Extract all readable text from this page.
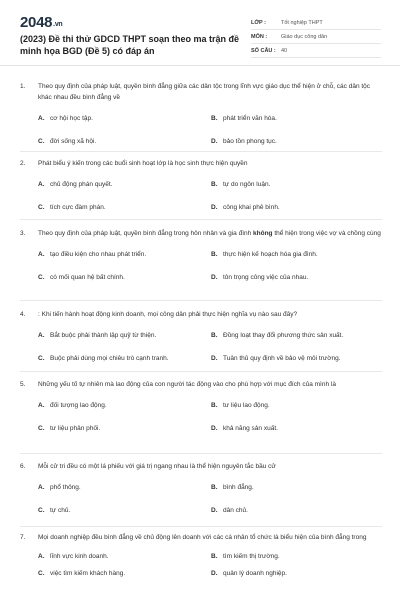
2048.vn
(2023) Đề thi thử GDCD THPT soạn theo ma trận đề minh họa BGD (Đề 5) có đáp án
LỚP :	Tốt nghiệp THPT
MÔN :	Giáo dục công dân
SỐ CÂU : 40
1.	Theo quy định của pháp luật, quyền bình đẳng giữa các dân tộc trong lĩnh vực giáo dục thể hiện ở chỗ, các dân tộc khác nhau đều bình đẳng về
A. cơ hội học tập.	B. phát triển văn hóa.
C. đời sống xã hội.	D. bảo tồn phong tục.
2.	Phát biểu ý kiến trong các buổi sinh hoạt lớp là học sinh thực hiện quyền
A. chủ động phán quyết.	B. tự do ngôn luận.
C. tích cực đàm phán.	D. công khai phê bình.
3.	Theo quy định của pháp luật, quyền bình đẳng trong hôn nhân và gia đình không thể hiện trong việc vợ và chồng cùng
A. tạo điều kiện cho nhau phát triển.	B. thực hiện kế hoạch hóa gia đình.
C. có mối quan hệ bất chính.	D. tôn trọng công việc của nhau.
4.	: Khi tiến hành hoạt động kinh doanh, mọi công dân phải thực hiện nghĩa vụ nào sau đây?
A. Bắt buộc phải thành lập quỹ từ thiện.	B. Đồng loạt thay đổi phương thức sản xuất.
C. Buộc phải dùng mọi chiêu trò cạnh tranh.	D. Tuân thủ quy định về bảo vệ môi trường.
5.	Những yếu tố tự nhiên mà lao động của con người tác động vào cho phù hợp với mục đích của mình là
A. đối tượng lao động.	B. tư liệu lao động.
C. tư liệu phân phối.	D. khả năng sản xuất.
6.	Mỗi cử tri đều có một lá phiếu với giá trị ngang nhau là thể hiện nguyên tắc bầu cử
A. phổ thông.	B. bình đẳng.
C. tự chủ.	D. dân chủ.
7.	Mọi doanh nghiệp đều bình đẳng về chủ động lên doanh với các cá nhân tổ chức là biểu hiện của bình đẳng trong
A. lĩnh vực kinh doanh.	B. tìm kiếm thị trường.
C. việc tìm kiếm khách hàng.	D. quản lý doanh nghiệp.
